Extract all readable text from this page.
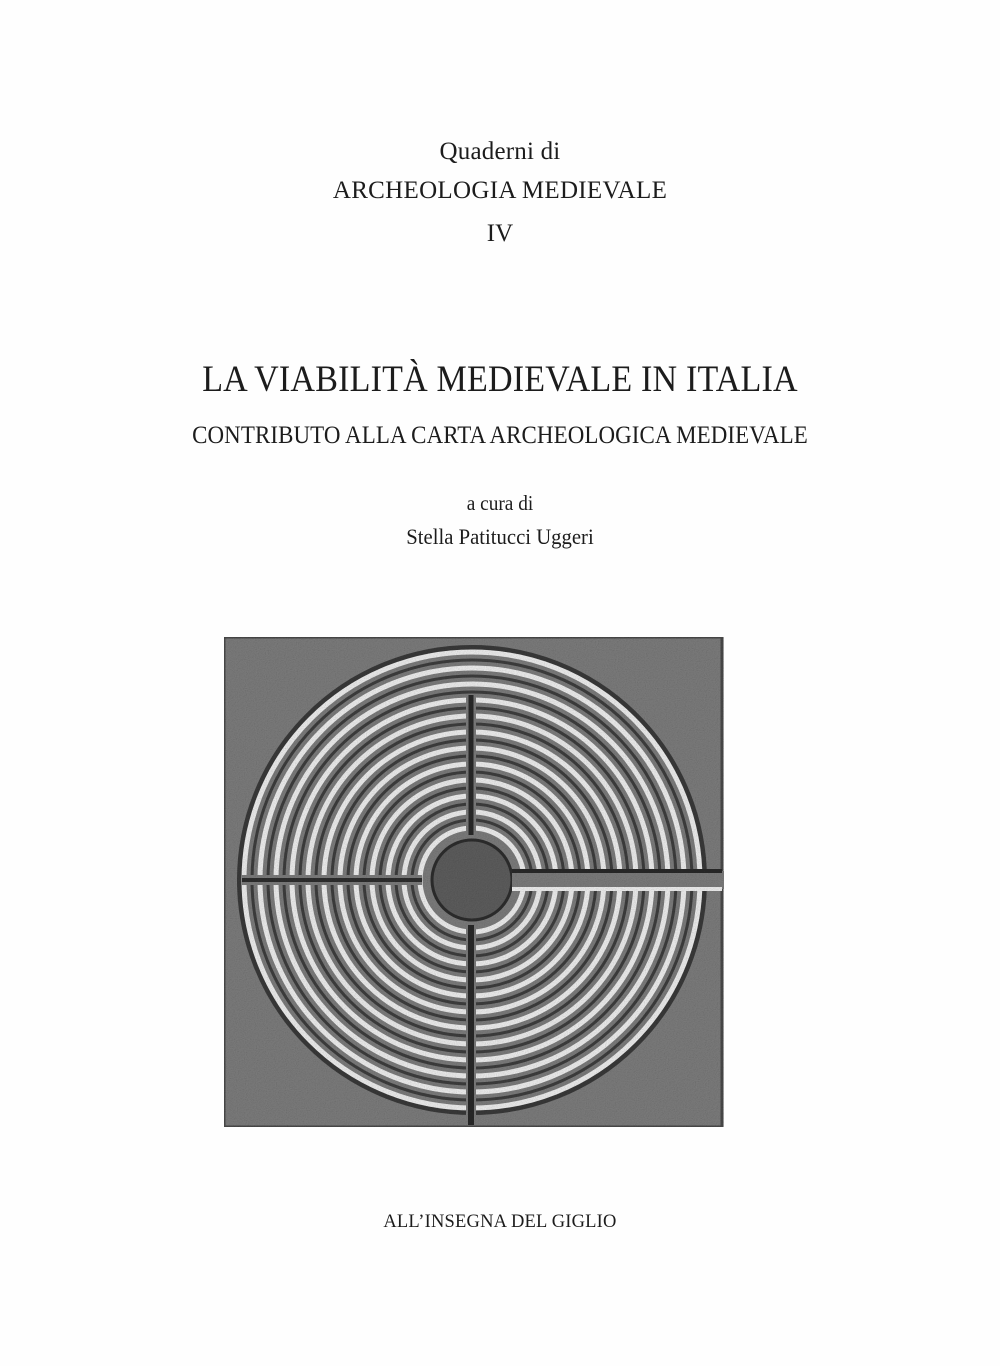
Quaderni di
ARCHEOLOGIA MEDIEVALE
IV
LA VIABILITÀ MEDIEVALE IN ITALIA
CONTRIBUTO ALLA CARTA ARCHEOLOGICA MEDIEVALE
a cura di
Stella Patitucci Uggeri
ALL’INSEGNA DEL GIGLIO
